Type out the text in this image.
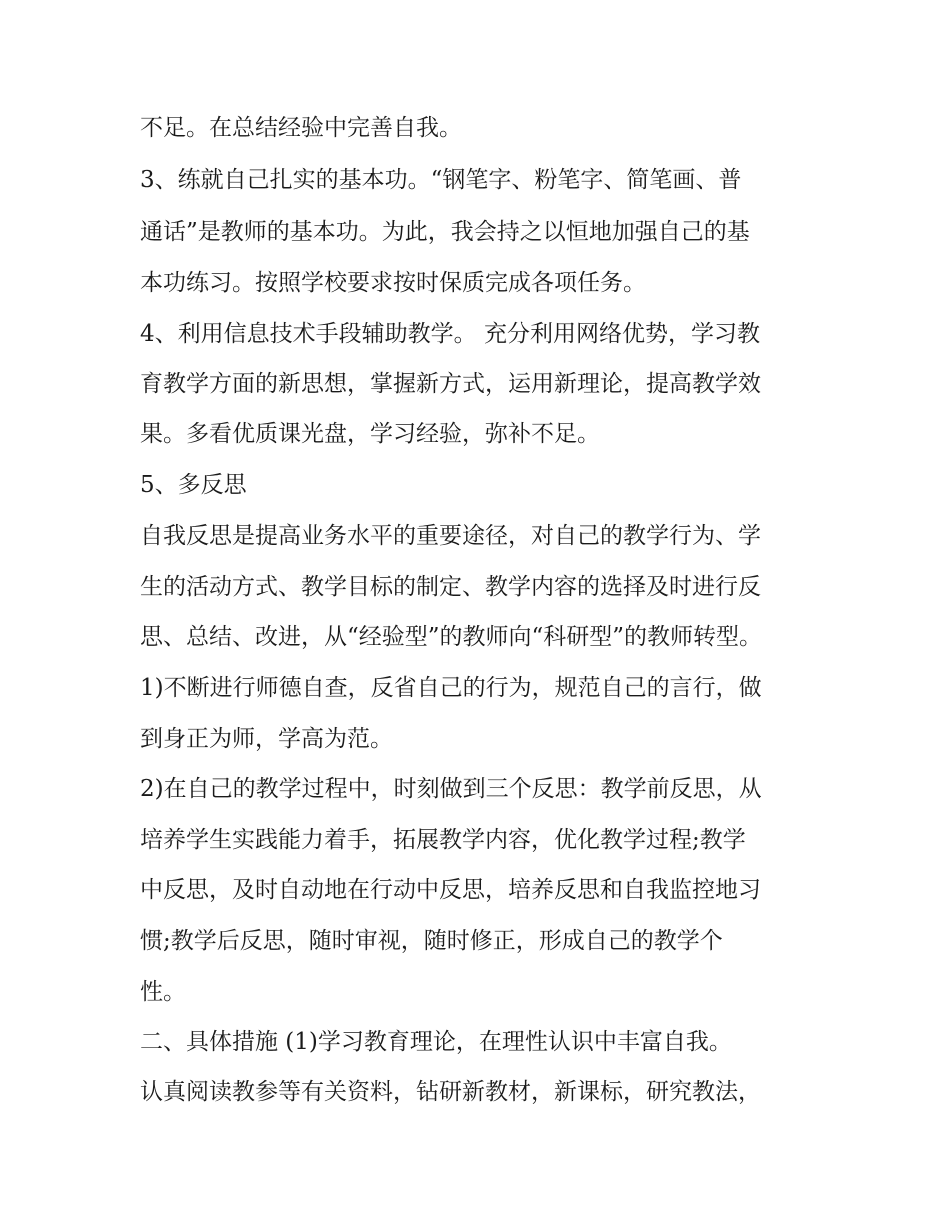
不足。在总结经验中完善自我。
3、练就自己扎实的基本功。“钢笔字、粉笔字、简笔画、普
通话”是教师的基本功。为此，我会持之以恒地加强自己的基
本功练习。按照学校要求按时保质完成各项任务。
4、利用信息技术手段辅助教学。 充分利用网络优势，学习教
育教学方面的新思想，掌握新方式，运用新理论，提高教学效
果。多看优质课光盘，学习经验，弥补不足。
5、多反思
自我反思是提高业务水平的重要途径，对自己的教学行为、学
生的活动方式、教学目标的制定、教学内容的选择及时进行反
思、总结、改进，从“经验型”的教师向“科研型”的教师转型。
1)不断进行师德自查，反省自己的行为，规范自己的言行，做
到身正为师，学高为范。
2)在自己的教学过程中，时刻做到三个反思：教学前反思，从
培养学生实践能力着手，拓展教学内容，优化教学过程;教学
中反思，及时自动地在行动中反思，培养反思和自我监控地习
惯;教学后反思，随时审视，随时修正，形成自己的教学个
性。
二、具体措施 (1)学习教育理论，在理性认识中丰富自我。
认真阅读教参等有关资料，钻研新教材，新课标，研究教法，
